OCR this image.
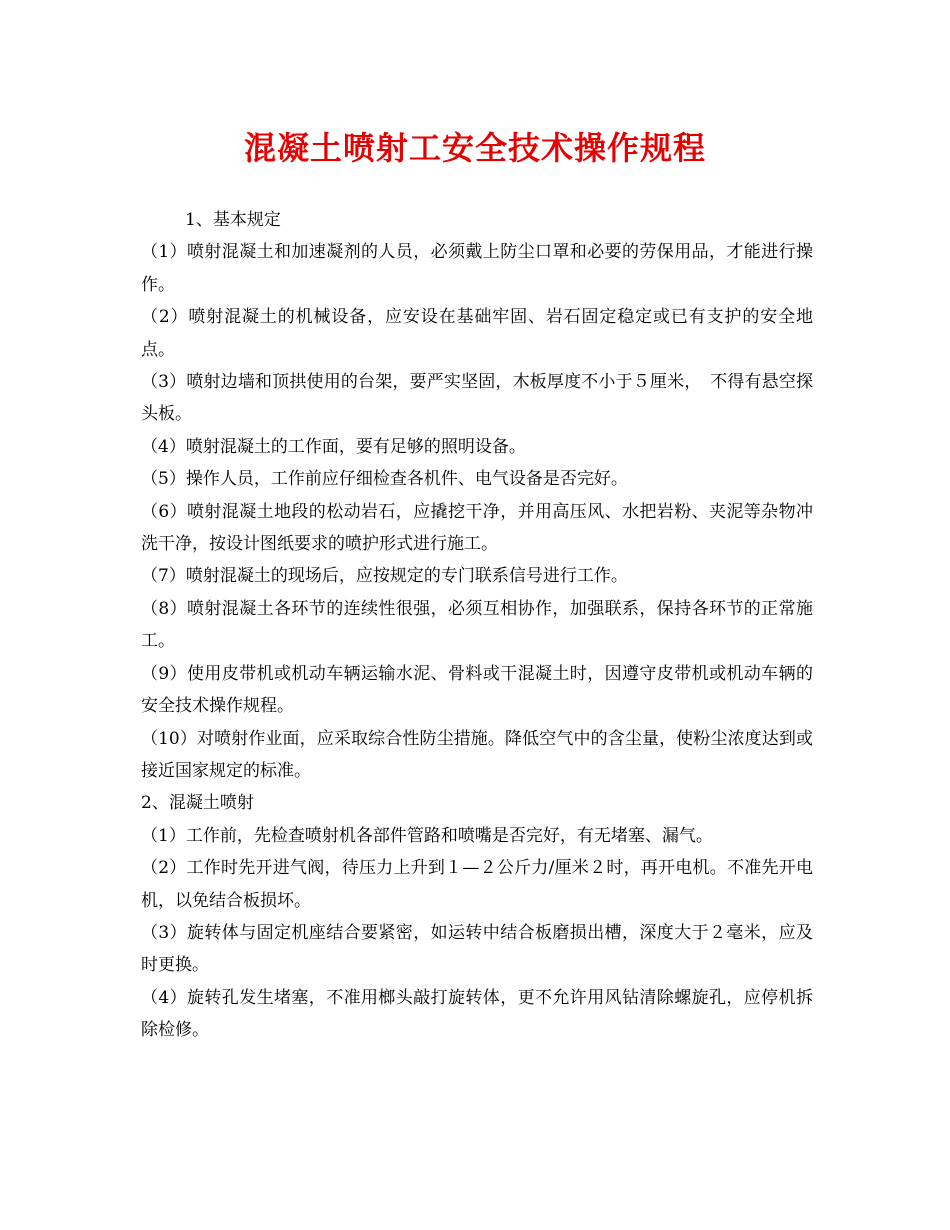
混凝土喷射工安全技术操作规程

1、基本规定

（1）喷射混凝土和加速凝剂的人员，必须戴上防尘口罩和必要的劳保用品，才能进行操作。

（2）喷射混凝土的机械设备，应安设在基础牢固、岩石固定稳定或已有支护的安全地点。

（3）喷射边墙和顶拱使用的台架，要严实坚固，木板厚度不小于５厘米，　不得有悬空探头板。

（4）喷射混凝土的工作面，要有足够的照明设备。

（5）操作人员，工作前应仔细检查各机件、电气设备是否完好。

（6）喷射混凝土地段的松动岩石，应撬挖干净，并用高压风、水把岩粉、夹泥等杂物冲洗干净，按设计图纸要求的喷护形式进行施工。

（7）喷射混凝土的现场后，应按规定的专门联系信号进行工作。

（8）喷射混凝土各环节的连续性很强，必须互相协作，加强联系，保持各环节的正常施工。

（9）使用皮带机或机动车辆运输水泥、骨料或干混凝土时，因遵守皮带机或机动车辆的安全技术操作规程。

（10）对喷射作业面，应采取综合性防尘措施。降低空气中的含尘量，使粉尘浓度达到或接近国家规定的标准。

2、混凝土喷射

（1）工作前，先检查喷射机各部件管路和喷嘴是否完好，有无堵塞、漏气。

（2）工作时先开进气阀，待压力上升到１—２公斤力/厘米２时，再开电机。不准先开电机，以免结合板损坏。

（3）旋转体与固定机座结合要紧密，如运转中结合板磨损出槽，深度大于２毫米，应及时更换。

（4）旋转孔发生堵塞，不准用榔头敲打旋转体，更不允许用风钻清除螺旋孔，应停机拆除检修。
